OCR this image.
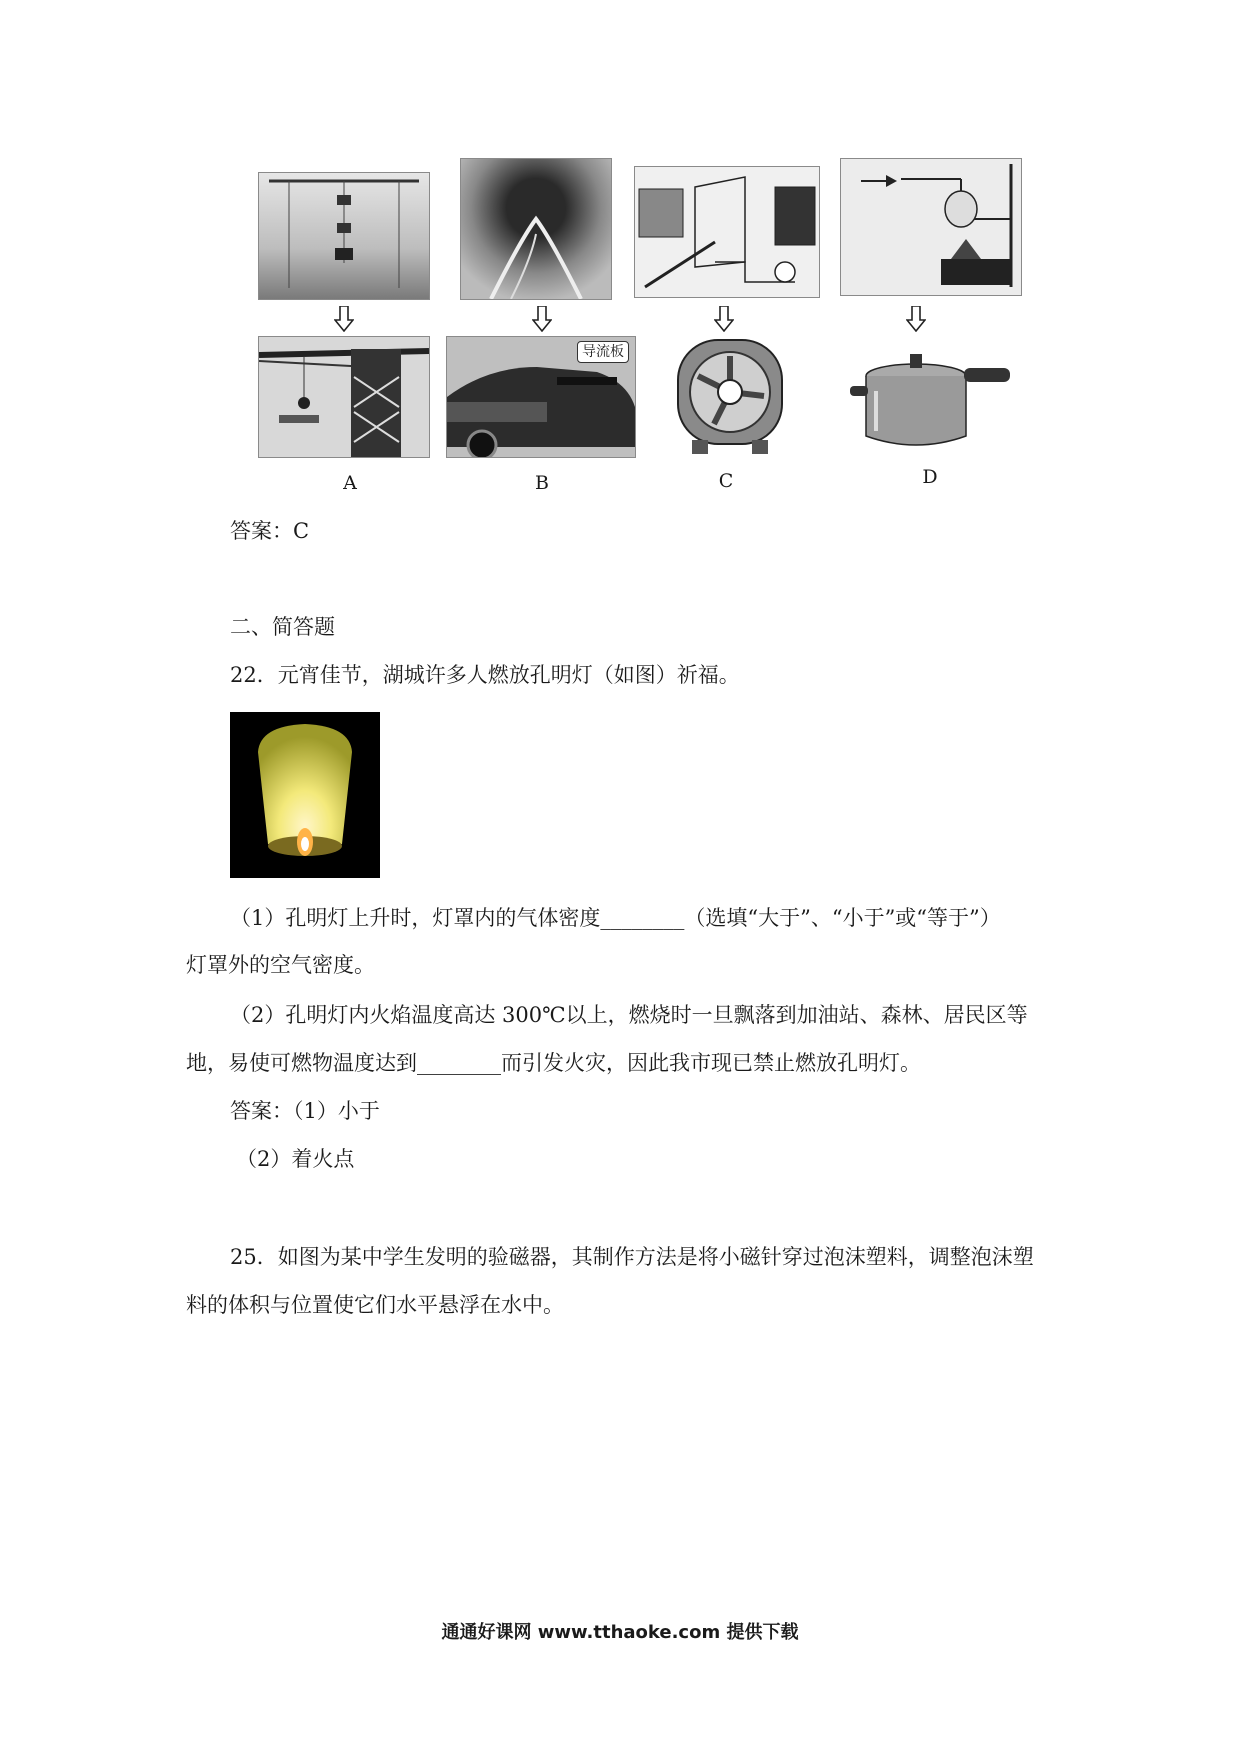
A
导流板
B	C	D
答案：C
二、简答题
22．元宵佳节，湖城许多人燃放孔明灯（如图）祈福。
（1）孔明灯上升时，灯罩内的气体密度________（选填“大于”、“小于”或“等于”）
灯罩外的空气密度。
（2）孔明灯内火焰温度高达 300℃以上，燃烧时一旦飘落到加油站、森林、居民区等
地，易使可燃物温度达到________而引发火灾，因此我市现已禁止燃放孔明灯。
答案：（1）小于
（2）着火点
25．如图为某中学生发明的验磁器，其制作方法是将小磁针穿过泡沫塑料，调整泡沫塑
料的体积与位置使它们水平悬浮在水中。
通通好课网 www.tthaoke.com 提供下载
